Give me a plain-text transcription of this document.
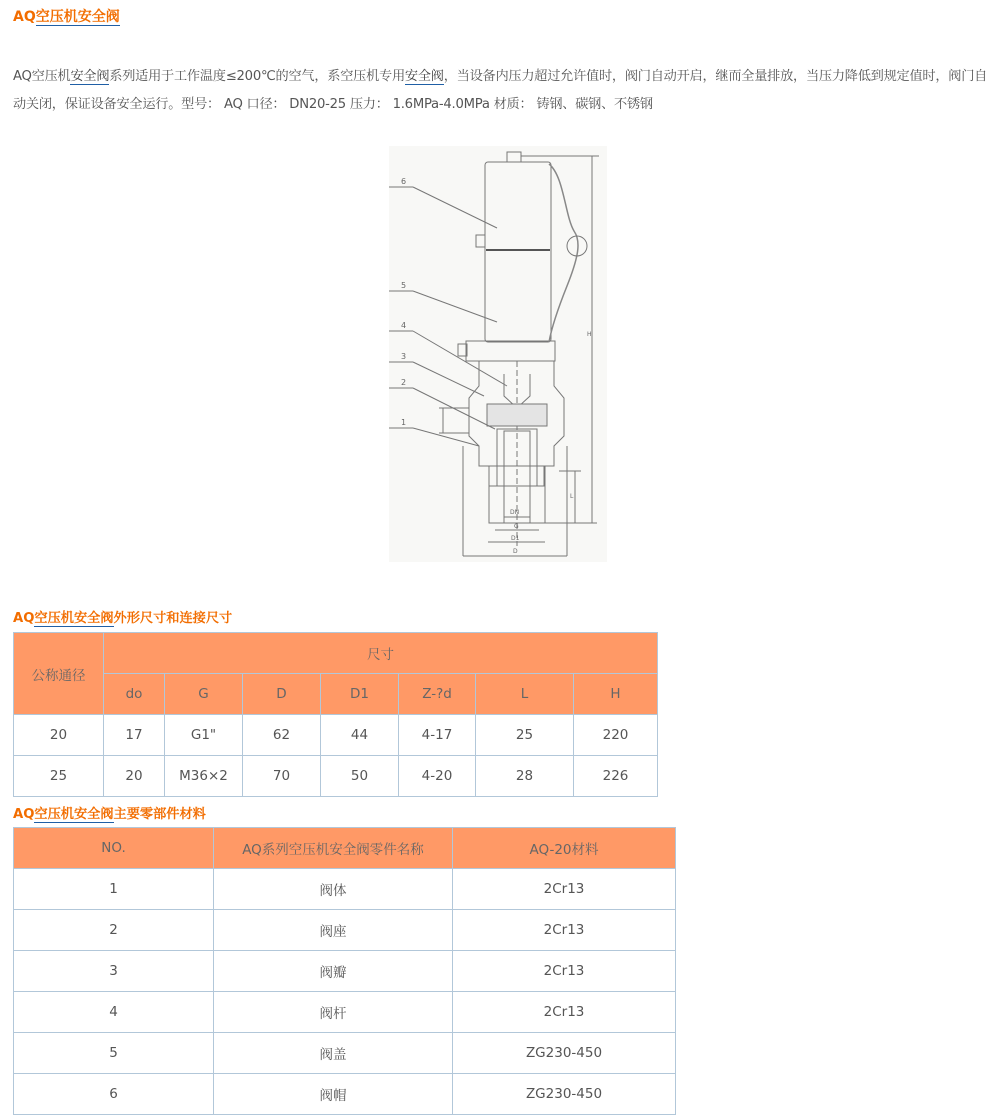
AQ空压机安全阀
AQ空压机安全阀系列适用于工作温度≤200℃的空气，系空压机专用安全阀，当设备内压力超过允许值时，阀门自动开启，继而全量排放，当压力降低到规定值时，阀门自动关闭，保证设备安全运行。型号： AQ 口径： DN20-25 压力： 1.6MPa-4.0MPa 材质： 铸钢、碳钢、不锈钢
6
5
4
3
2
1
H
L
DN
G
D1
D
AQ空压机安全阀外形尺寸和连接尺寸
公称通径	尺寸						
	do	G	D	D1	Z-?d	L	H
20	17	G1"	62	44	4-17	25	220
25	20	M36×2	70	50	4-20	28	226
AQ空压机安全阀主要零部件材料
NO.	AQ系列空压机安全阀零件名称	AQ-20材料
1	阀体	2Cr13
2	阀座	2Cr13
3	阀瓣	2Cr13
4	阀杆	2Cr13
5	阀盖	ZG230-450
6	阀帽	ZG230-450
